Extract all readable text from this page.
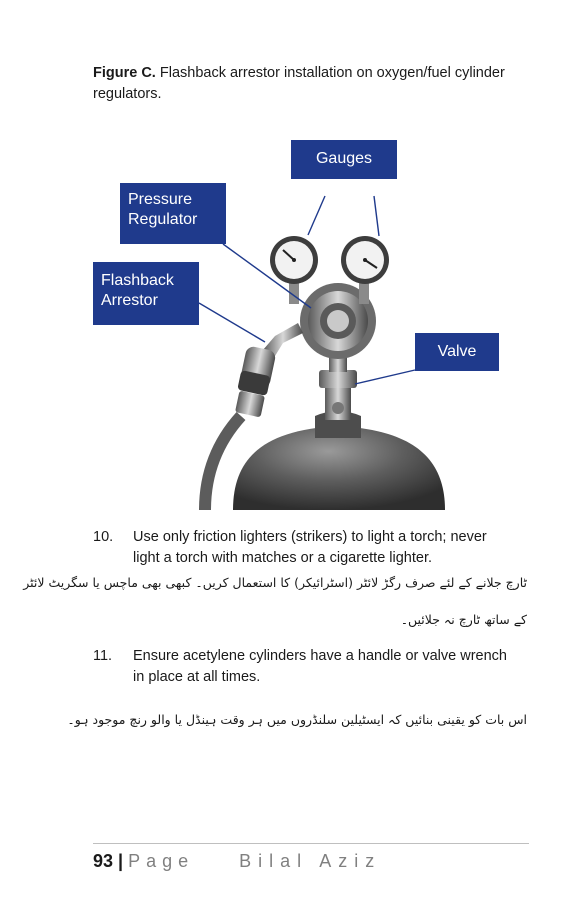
Figure C. Flashback arrestor installation on oxygen/fuel cylinder regulators.
Gauges
Pressure Regulator
Flashback Arrestor
Valve
10. Use only friction lighters (strikers) to light a torch; never light a torch with matches or a cigarette lighter.
ٹارچ جلانے کے لئے صرف رگڑ لائٹر (اسٹرائیکر) کا استعمال کریں۔ کبھی بھی ماچس یا سگریٹ لائٹر
کے ساتھ ٹارچ نہ جلائیں۔
11. Ensure acetylene cylinders have a handle or valve wrench in place at all times.
اس بات کو یقینی بنائیں کہ ایسٹیلین سلنڈروں میں ہر وقت ہینڈل یا والو رنچ موجود ہو۔
93 | Page	Bilal Aziz
